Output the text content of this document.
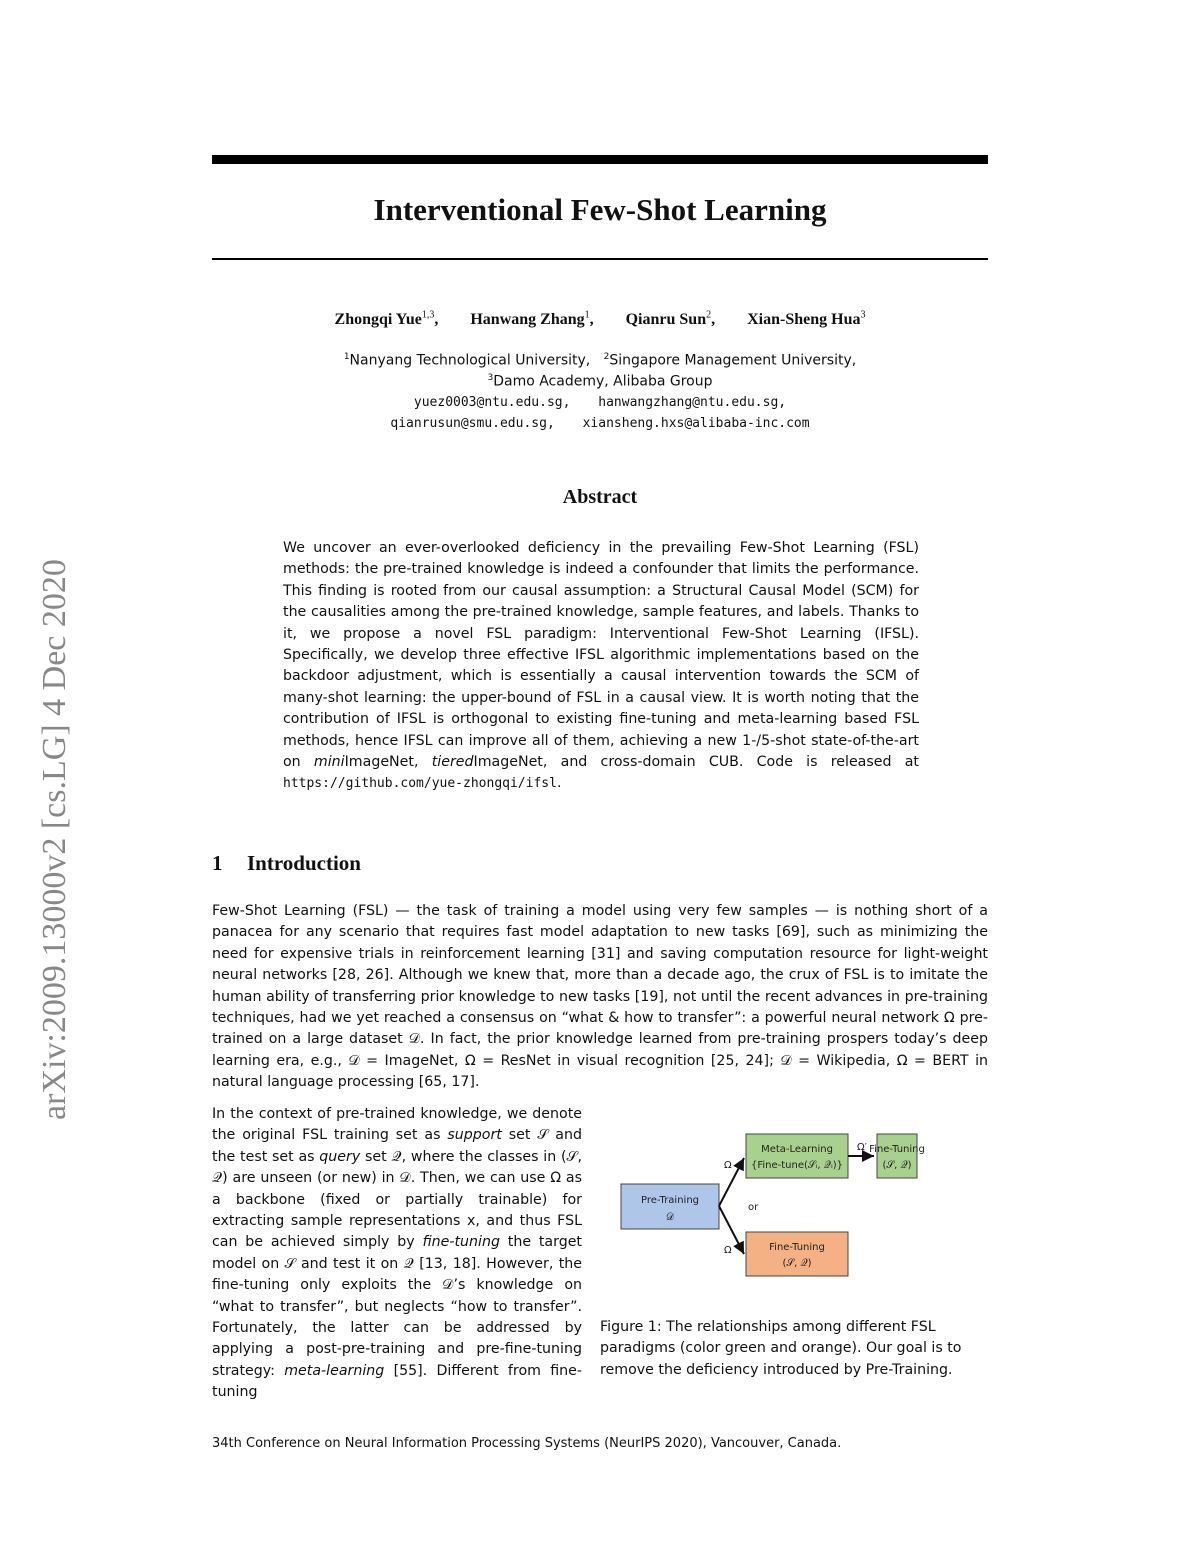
arXiv:2009.13000v2 [cs.LG] 4 Dec 2020
Interventional Few-Shot Learning
Zhongqi Yue$^{1,3}$, Hanwang Zhang$^1$, Qianru Sun$^2$, Xian-Sheng Hua$^3$
$^1$Nanyang Technological University, $^2$Singapore Management University,
$^3$Damo Academy, Alibaba Group
yuez0003@ntu.edu.sg, hanwangzhang@ntu.edu.sg,
qianrusun@smu.edu.sg, xiansheng.hxs@alibaba-inc.com
Abstract
We uncover an ever-overlooked deficiency in the prevailing Few-Shot Learning (FSL) methods: the pre-trained knowledge is indeed a confounder that limits the performance. This finding is rooted from our causal assumption: a Structural Causal Model (SCM) for the causalities among the pre-trained knowledge, sample features, and labels. Thanks to it, we propose a novel FSL paradigm: Interventional Few-Shot Learning (IFSL). Specifically, we develop three effective IFSL algorithmic implementations based on the backdoor adjustment, which is essentially a causal intervention towards the SCM of many-shot learning: the upper-bound of FSL in a causal view. It is worth noting that the contribution of IFSL is orthogonal to existing fine-tuning and meta-learning based FSL methods, hence IFSL can improve all of them, achieving a new 1-/5-shot state-of-the-art on miniImageNet, tieredImageNet, and cross-domain CUB. Code is released at https://github.com/yue-zhongqi/ifsl.
1 Introduction
Few-Shot Learning (FSL) — the task of training a model using very few samples — is nothing short of a panacea for any scenario that requires fast model adaptation to new tasks [69], such as minimizing the need for expensive trials in reinforcement learning [31] and saving computation resource for light-weight neural networks [28, 26]. Although we knew that, more than a decade ago, the crux of FSL is to imitate the human ability of transferring prior knowledge to new tasks [19], not until the recent advances in pre-training techniques, had we yet reached a consensus on “what & how to transfer”: a powerful neural network Ω pre-trained on a large dataset 𝒟. In fact, the prior knowledge learned from pre-training prospers today’s deep learning era, e.g., 𝒟 = ImageNet, Ω = ResNet in visual recognition [25, 24]; 𝒟 = Wikipedia, Ω = BERT in natural language processing [65, 17].
In the context of pre-trained knowledge, we denote the original FSL training set as support set 𝒮 and the test set as query set 𝒬, where the classes in (𝒮, 𝒬) are unseen (or new) in 𝒟. Then, we can use Ω as a backbone (fixed or partially trainable) for extracting sample representations x, and thus FSL can be achieved simply by fine-tuning the target model on 𝒮 and test it on 𝒬 [13, 18]. However, the fine-tuning only exploits the 𝒟’s knowledge on “what to transfer”, but neglects “how to transfer”. Fortunately, the latter can be addressed by applying a post-pre-training and pre-fine-tuning strategy: meta-learning [55]. Different from fine-tuning
Pre-Training
𝒟
Meta-Learning
{Fine-tune(𝒮ᵢ, 𝒬ᵢ)}
Fine-Tuning
(𝒮, 𝒬)
Fine-Tuning
(𝒮, 𝒬)
Ω
Ω
Ω′
or
Figure 1: The relationships among different FSL paradigms (color green and orange). Our goal is to remove the deficiency introduced by Pre-Training.
34th Conference on Neural Information Processing Systems (NeurIPS 2020), Vancouver, Canada.
